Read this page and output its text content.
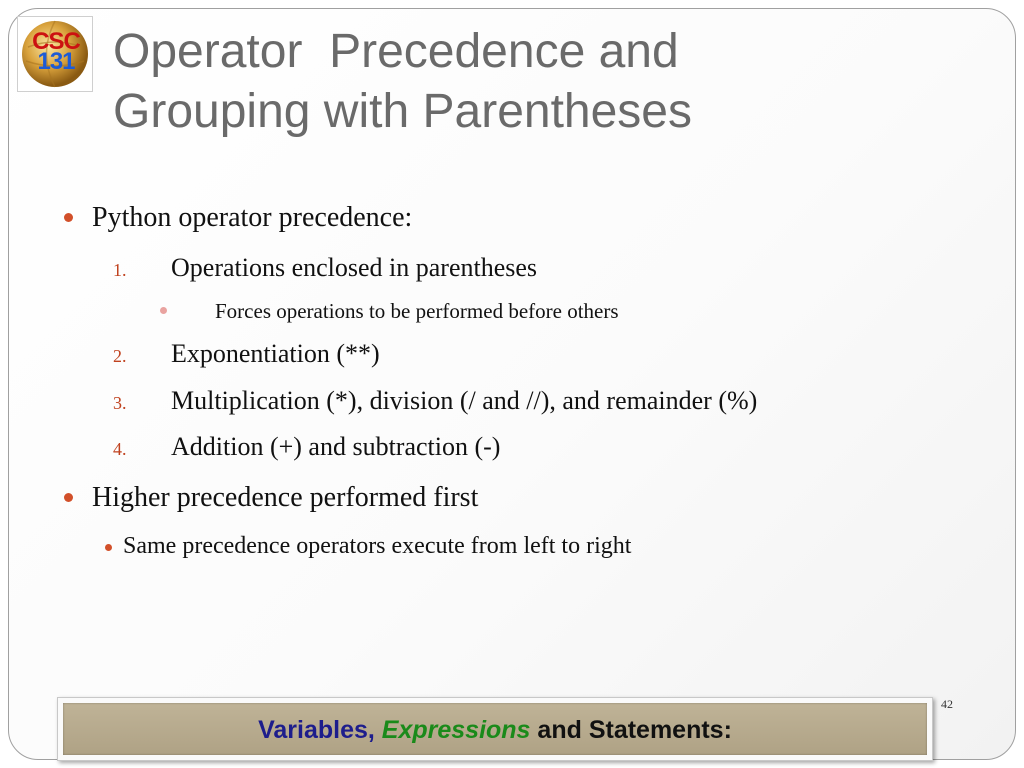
CSC
131 Operator  Precedence and
Grouping with Parentheses
Python operator precedence:
1. Operations enclosed in parentheses
Forces operations to be performed before others
2. Exponentiation (**)
3. Multiplication (*), division (/ and //), and remainder (%)
4. Addition (+) and subtraction (-)
Higher precedence performed first
Same precedence operators execute from left to right
42
Variables, Expressions and Statements:
